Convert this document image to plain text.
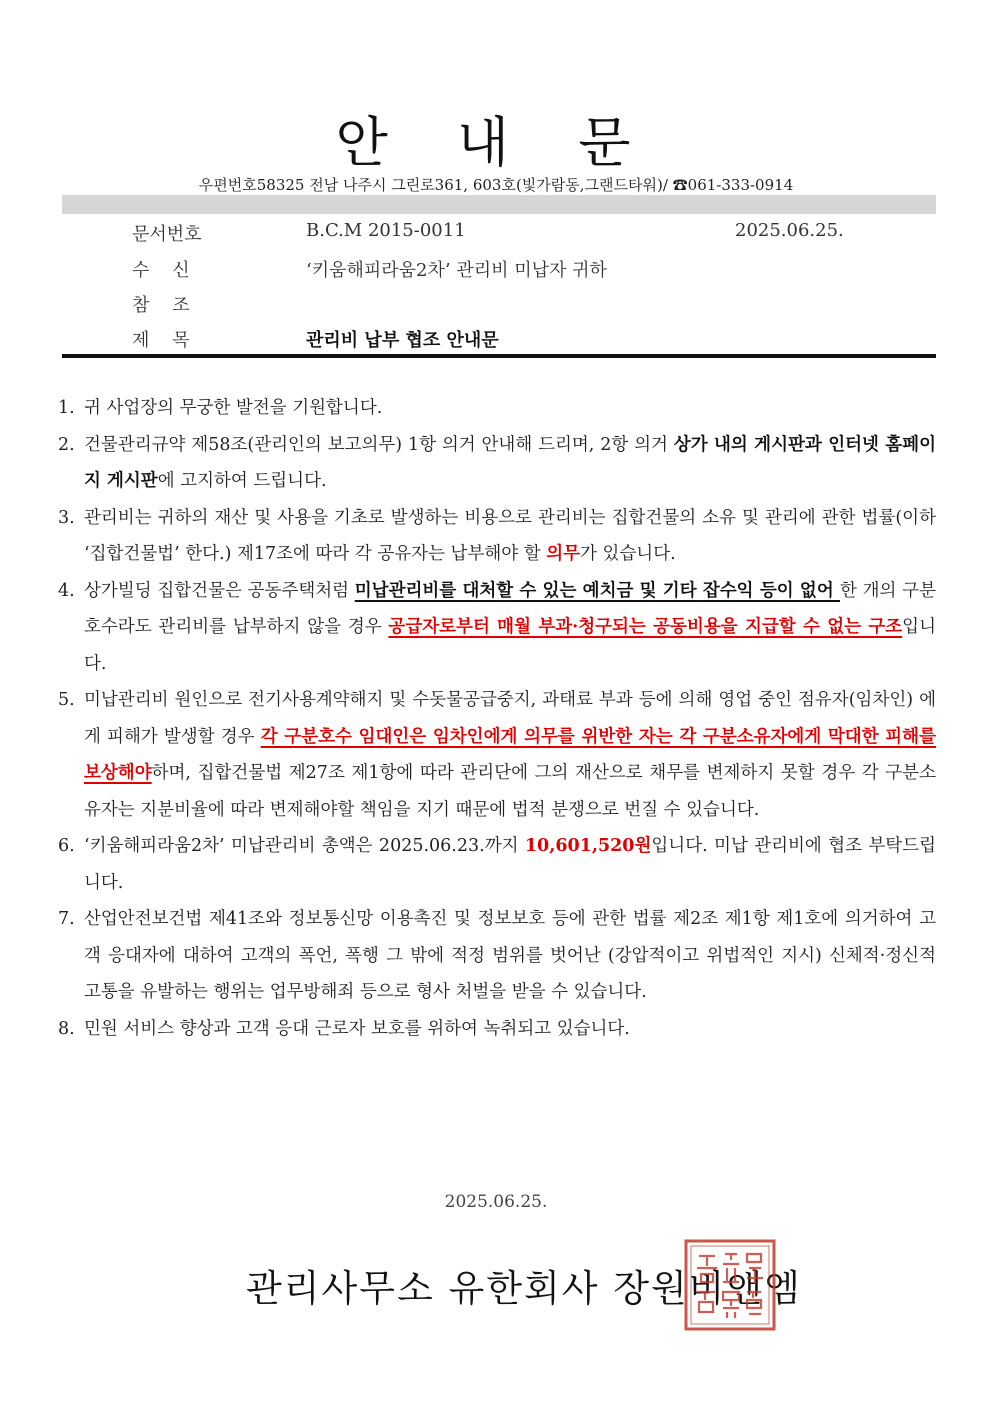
안 내 문
우편번호58325 전남 나주시 그린로361, 603호(빛가람동,그랜드타워)/ ☎061-333-0914
문서번호	B.C.M 2015-0011	2025.06.25.
수    신	‘키움해피라움2차’ 관리비 미납자 귀하
참    조
제    목	관리비 납부 협조 안내문
1. 귀 사업장의 무궁한 발전을 기원합니다.
2. 건물관리규약 제58조(관리인의 보고의무) 1항 의거 안내해 드리며, 2항 의거 상가 내의 게시판과 인터넷 홈페이지 게시판에 고지하여 드립니다.
3. 관리비는 귀하의 재산 및 사용을 기초로 발생하는 비용으로 관리비는 집합건물의 소유 및 관리에 관한 법률(이하 ‘집합건물법’ 한다.) 제17조에 따라 각 공유자는 납부해야 할 의무가 있습니다.
4. 상가빌딩 집합건물은 공동주택처럼 미납관리비를 대처할 수 있는 예치금 및 기타 잡수익 등이 없어 한 개의 구분호수라도 관리비를 납부하지 않을 경우 공급자로부터 매월 부과·청구되는 공동비용을 지급할 수 없는 구조입니다.
5. 미납관리비 원인으로 전기사용계약해지 및 수돗물공급중지, 과태료 부과 등에 의해 영업 중인 점유자(임차인) 에게 피해가 발생할 경우 각 구분호수 임대인은 임차인에게 의무를 위반한 자는 각 구분소유자에게 막대한 피해를 보상해야하며, 집합건물법 제27조 제1항에 따라 관리단에 그의 재산으로 채무를 변제하지 못할 경우 각 구분소유자는 지분비율에 따라 변제해야할 책임을 지기 때문에 법적 분쟁으로 번질 수 있습니다.
6. ‘키움해피라움2차’ 미납관리비 총액은 2025.06.23.까지 10,601,520원입니다. 미납 관리비에 협조 부탁드립니다.
7. 산업안전보건법 제41조와 정보통신망 이용촉진 및 정보보호 등에 관한 법률 제2조 제1항 제1호에 의거하여 고객 응대자에 대하여 고객의 폭언, 폭행 그 밖에 적정 범위를 벗어난 (강압적이고 위법적인 지시) 신체적·정신적 고통을 유발하는 행위는 업무방해죄 등으로 형사 처벌을 받을 수 있습니다.
8. 민원 서비스 향상과 고객 응대 근로자 보호를 위하여 녹취되고 있습니다.
2025.06.25.
관리사무소 유한회사 장원비앤엠
